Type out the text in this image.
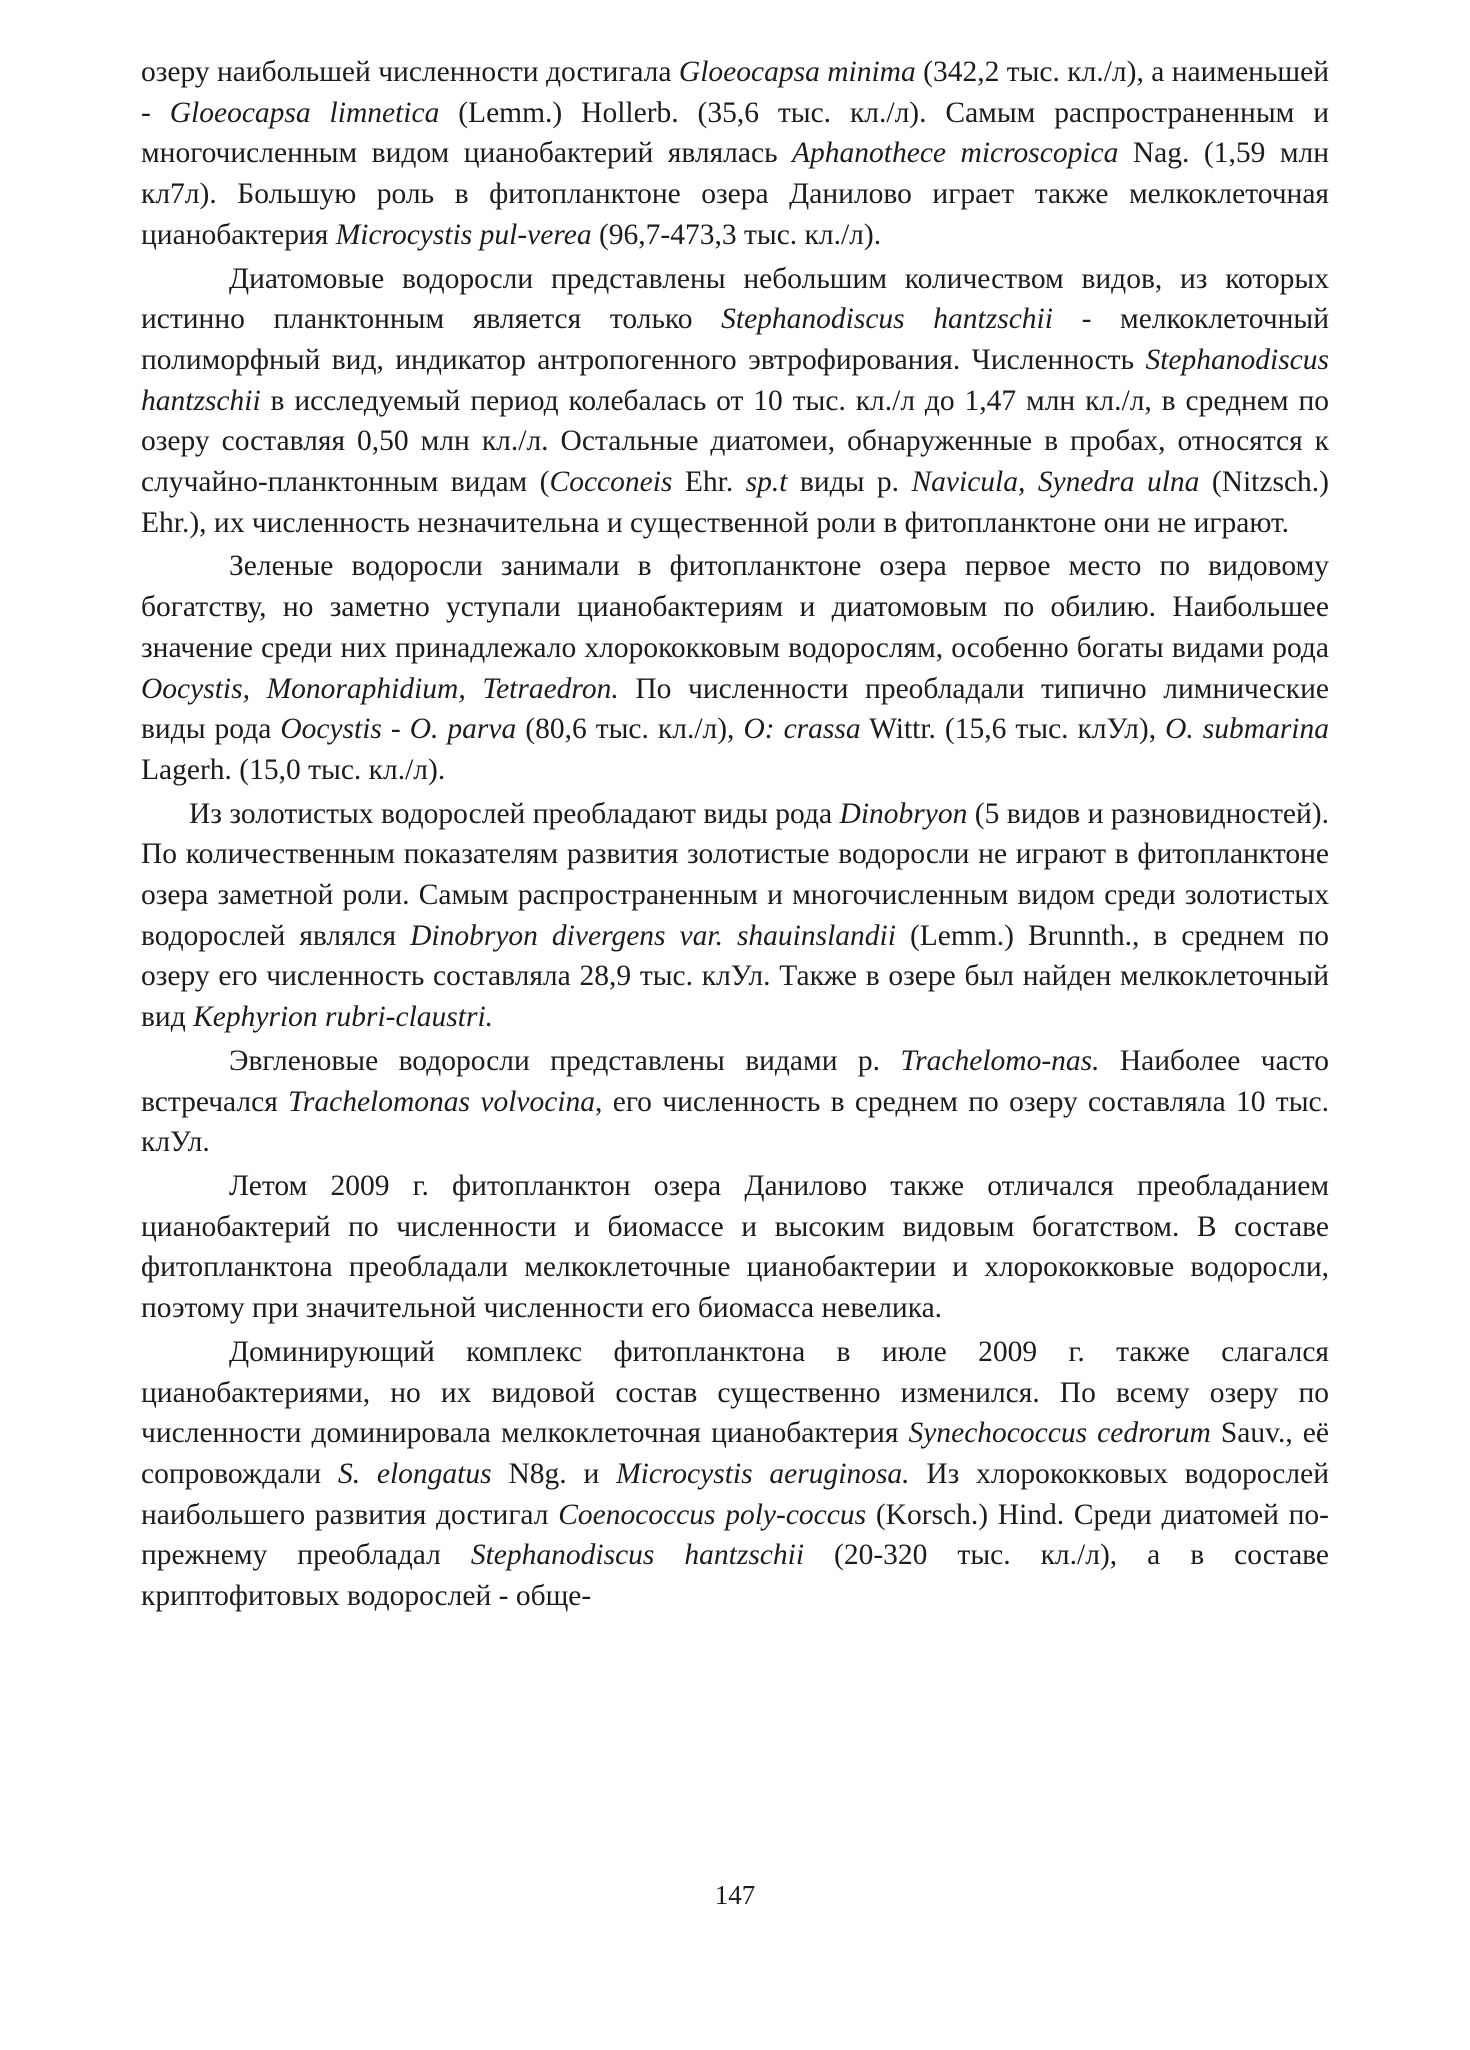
озеру наибольшей численности достигала Gloeocapsa minima (342,2 тыс. кл./л), а наименьшей - Gloeocapsa limnetica (Lemm.) Hollerb. (35,6 тыс. кл./л). Самым распространенным и многочисленным видом цианобактерий являлась Aphanothece microscopica Nag. (1,59 млн кл7л). Большую роль в фитопланктоне озера Данилово играет также мелкоклеточная цианобактерия Microcystis pul-verea (96,7-473,3 тыс. кл./л).

Диатомовые водоросли представлены небольшим количеством видов, из которых истинно планктонным является только Stephanodiscus hantzschii - мелкоклеточный полиморфный вид, индикатор антропогенного эвтрофирования. Численность Stephanodiscus hantzschii в исследуемый период колебалась от 10 тыс. кл./л до 1,47 млн кл./л, в среднем по озеру составляя 0,50 млн кл./л. Остальные диатомеи, обнаруженные в пробах, относятся к случайно-планктонным видам (Cocconeis Ehr. sp.t виды р. Navicula, Synedra ulna (Nitzsch.) Ehr.), их численность незначительна и существенной роли в фитопланктоне они не играют.

Зеленые водоросли занимали в фитопланктоне озера первое место по видовому богатству, но заметно уступали цианобактериям и диатомовым по обилию. Наибольшее значение среди них принадлежало хлорококковым водорослям, особенно богаты видами рода Oocystis, Monoraphidium, Tetraedron. По численности преобладали типично лимнические виды рода Oocystis - O. parva (80,6 тыс. кл./л), O: crassa Wittr. (15,6 тыс. клУл), O. submarina Lagerh. (15,0 тыс. кл./л).

Из золотистых водорослей преобладают виды рода Dinobryon (5 видов и разновидностей). По количественным показателям развития золотистые водоросли не играют в фитопланктоне озера заметной роли. Самым распространенным и многочисленным видом среди золотистых водорослей являлся Dinobryon divergens var. shauinslandii (Lemm.) Brunnth., в среднем по озеру его численность составляла 28,9 тыс. клУл. Также в озере был найден мелкоклеточный вид Kephyrion rubri-claustri.

Эвгленовые водоросли представлены видами р. Trachelomo-nas. Наиболее часто встречался Trachelomonas volvocina, его численность в среднем по озеру составляла 10 тыс. клУл.

Летом 2009 г. фитопланктон озера Данилово также отличался преобладанием цианобактерий по численности и биомассе и высоким видовым богатством. В составе фитопланктона преобладали мелкоклеточные цианобактерии и хлорококковые водоросли, поэтому при значительной численности его биомасса невелика.

Доминирующий комплекс фитопланктона в июле 2009 г. также слагался цианобактериями, но их видовой состав существенно изменился. По всему озеру по численности доминировала мелкоклеточная цианобактерия Synechococcus cedrorum Sauv., её сопровождали S. elongatus N8g. и Microcystis aeruginosa. Из хлорококковых водорослей наибольшего развития достигал Coenococcus poly-coccus (Korsch.) Hind. Среди диатомей по-прежнему преобладал Stephanodiscus hantzschii (20-320 тыс. кл./л), а в составе криптофитовых водорослей - обще-

147
